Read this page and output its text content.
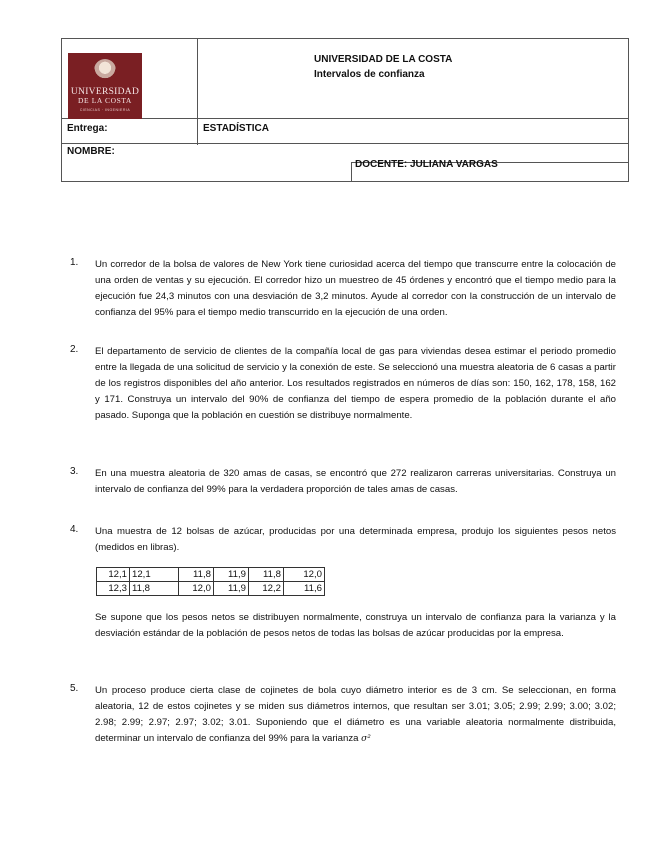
UNIVERSIDAD
DE LA COSTA
CIENCIAS · INGENIERIA
UNIVERSIDAD DE LA COSTA
Intervalos de confianza
Entrega:	ESTADÍSTICA
NOMBRE:
DOCENTE: JULIANA VARGAS
1. Un corredor de la bolsa de valores de New York tiene curiosidad acerca del tiempo que transcurre entre la colocación de una orden de ventas y su ejecución. El corredor hizo un muestreo de 45 órdenes y encontró que el tiempo medio para la ejecución fue 24,3 minutos con una desviación de 3,2 minutos. Ayude al corredor con la construcción de un intervalo de confianza del 95% para el tiempo medio transcurrido en la ejecución de una orden.
2. El departamento de servicio de clientes de la compañía local de gas para viviendas desea estimar el periodo promedio entre la llegada de una solicitud de servicio y la conexión de este. Se seleccionó una muestra aleatoria de 6 casas a partir de los registros disponibles del año anterior. Los resultados registrados en números de días son: 150, 162, 178, 158, 162 y 171. Construya un intervalo del 90% de confianza del tiempo de espera promedio de la población durante el año pasado. Suponga que la población en cuestión se distribuye normalmente.
3. En una muestra aleatoria de 320 amas de casas, se encontró que 272 realizaron carreras universitarias. Construya un intervalo de confianza del 99% para la verdadera proporción de tales amas de casas.
4. Una muestra de 12 bolsas de azúcar, producidas por una determinada empresa, produjo los siguientes pesos netos (medidos en libras).
Se supone que los pesos netos se distribuyen normalmente, construya un intervalo de confianza para la varianza y la desviación estándar de la población de pesos netos de todas las bolsas de azúcar producidas por la empresa.
5. Un proceso produce cierta clase de cojinetes de bola cuyo diámetro interior es de 3 cm. Se seleccionan, en forma aleatoria, 12 de estos cojinetes y se miden sus diámetros internos, que resultan ser 3.01; 3.05; 2.99; 2.99; 3.00; 3.02; 2.98; 2.99; 2.97; 2.97; 3.02; 3.01. Suponiendo que el diámetro es una variable aleatoria normalmente distribuida, determinar un intervalo de confianza del 99% para la varianza σ²
12,1	12,1	11,8	11,9	11,8	12,0
12,3	11,8	12,0	11,9	12,2	11,6
